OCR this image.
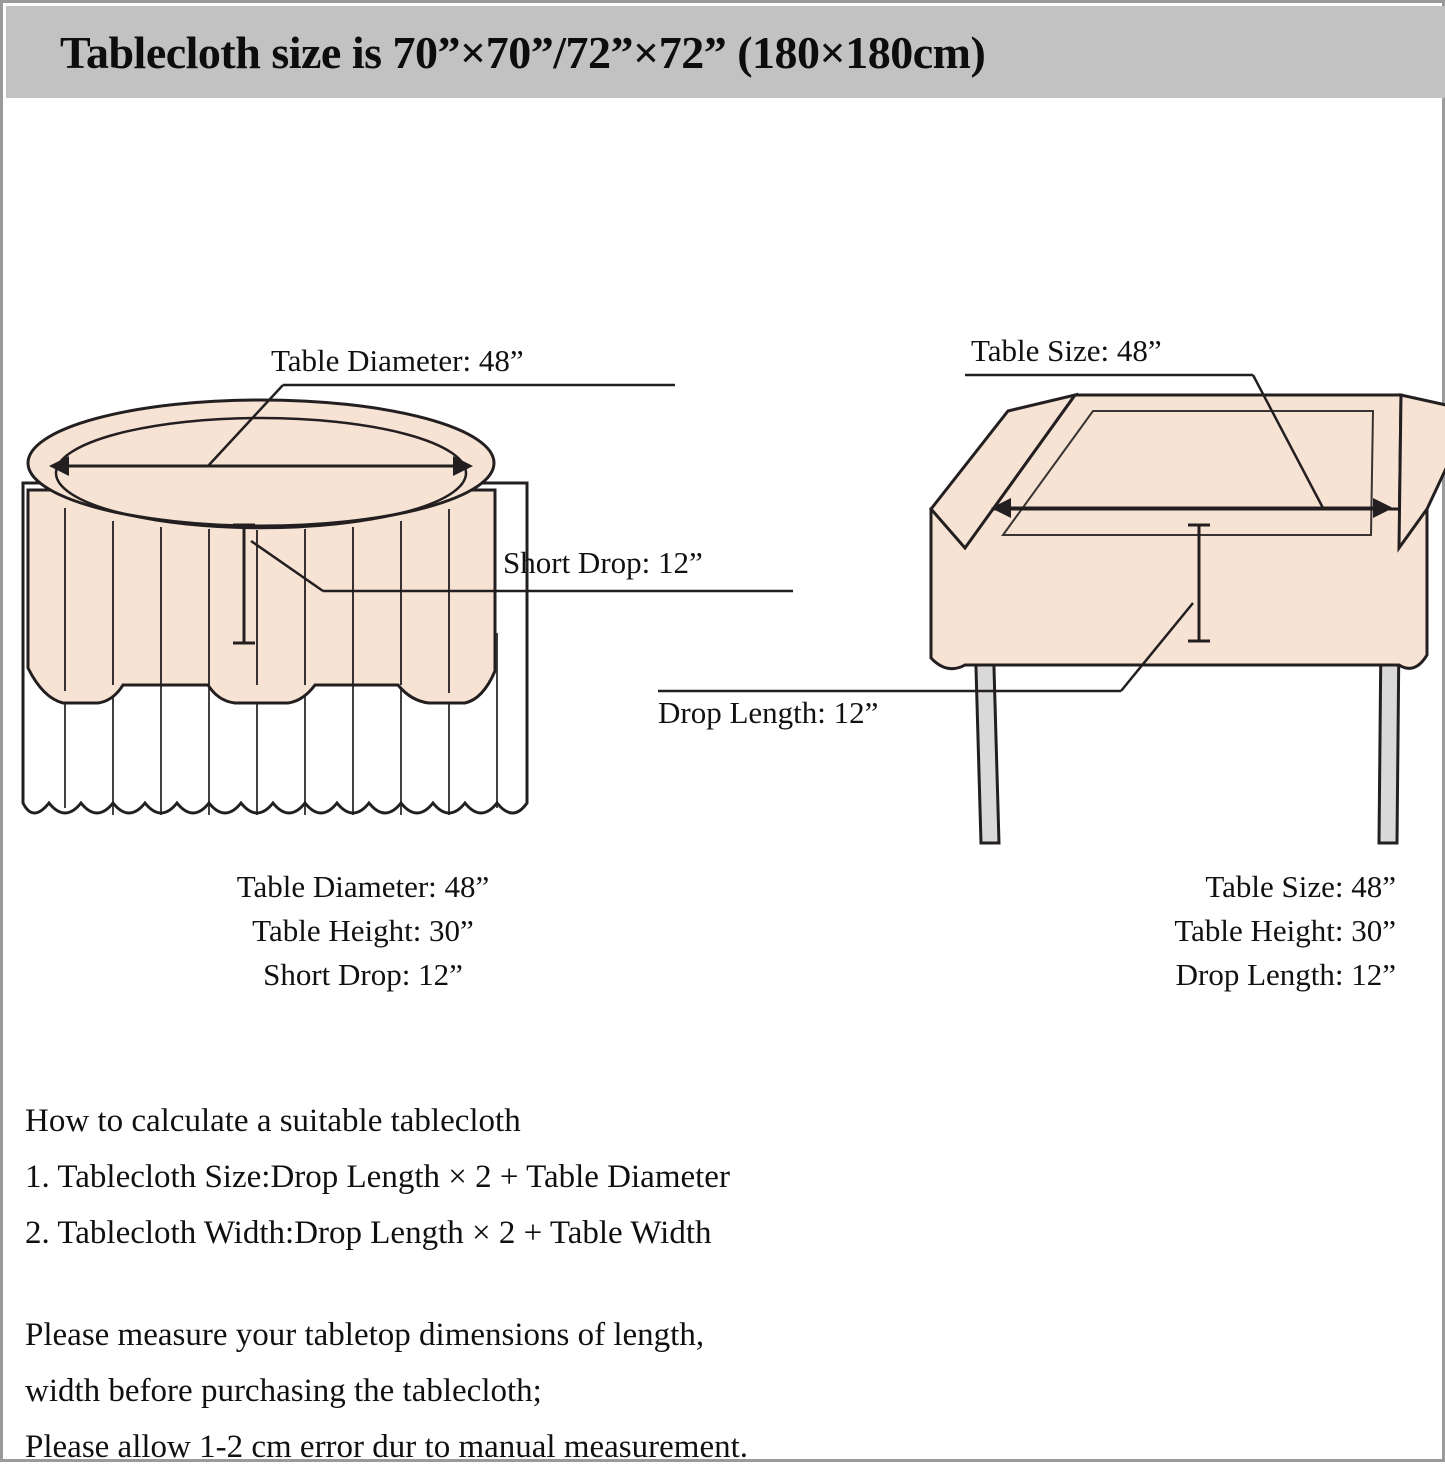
Tablecloth size is 70”×70”/72”×72” (180×180cm)
Table Diameter: 48”
Short Drop: 12”
Table Size: 48”
Drop Length: 12”
Table Diameter: 48”
Table Height: 30”
Short Drop: 12”
Table Size: 48”
Table Height: 30”
Drop Length: 12”

How to calculate a suitable tablecloth

1. Tablecloth Size:Drop Length × 2 + Table Diameter

2. Tablecloth Width:Drop Length × 2 + Table Width

Please measure your tabletop dimensions of length,

width before purchasing the tablecloth;

Please allow 1-2 cm error dur to manual measurement.
